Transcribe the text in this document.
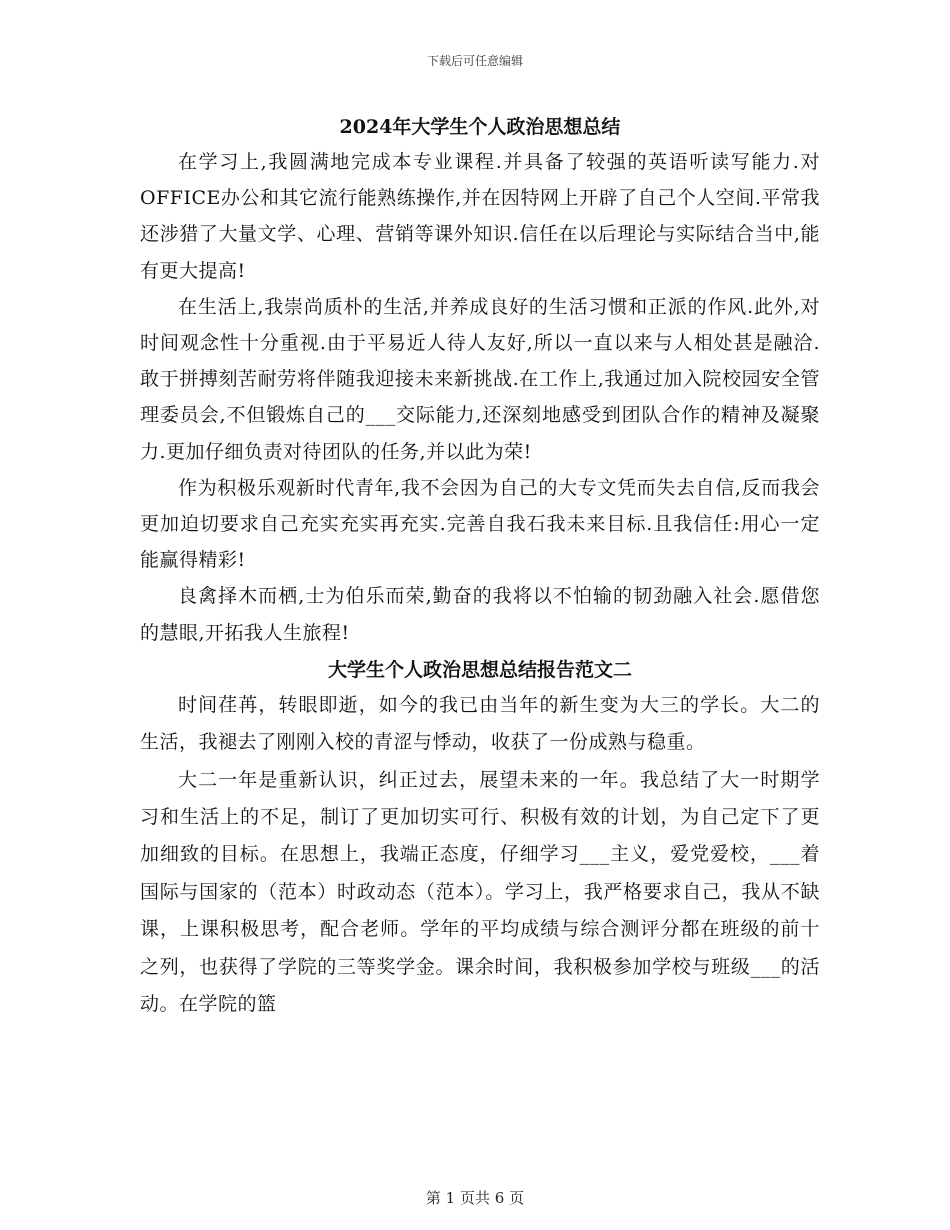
下载后可任意编辑
2024年大学生个人政治思想总结

在学习上,我圆满地完成本专业课程.并具备了较强的英语听读写能力.对OFFICE办公和其它流行能熟练操作,并在因特网上开辟了自己个人空间.平常我还涉猎了大量文学、心理、营销等课外知识.信任在以后理论与实际结合当中,能有更大提高!

在生活上,我崇尚质朴的生活,并养成良好的生活习惯和正派的作风.此外,对时间观念性十分重视.由于平易近人待人友好,所以一直以来与人相处甚是融洽.敢于拼搏刻苦耐劳将伴随我迎接未来新挑战.在工作上,我通过加入院校园安全管理委员会,不但锻炼自己的___交际能力,还深刻地感受到团队合作的精神及凝聚力.更加仔细负责对待团队的任务,并以此为荣!

作为积极乐观新时代青年,我不会因为自己的大专文凭而失去自信,反而我会更加迫切要求自己充实充实再充实.完善自我石我未来目标.且我信任:用心一定能赢得精彩!

良禽择木而栖,士为伯乐而荣,勤奋的我将以不怕输的韧劲融入社会.愿借您的慧眼,开拓我人生旅程!

大学生个人政治思想总结报告范文二

时间荏苒，转眼即逝，如今的我已由当年的新生变为大三的学长。大二的生活，我褪去了刚刚入校的青涩与悸动，收获了一份成熟与稳重。

大二一年是重新认识，纠正过去，展望未来的一年。我总结了大一时期学习和生活上的不足，制订了更加切实可行、积极有效的计划，为自己定下了更加细致的目标。在思想上，我端正态度，仔细学习___主义，爱党爱校，___着国际与国家的（范本）时政动态（范本）。学习上，我严格要求自己，我从不缺课，上课积极思考，配合老师。学年的平均成绩与综合测评分都在班级的前十之列，也获得了学院的三等奖学金。课余时间，我积极参加学校与班级___的活动。在学院的篮

第 1 页共 6 页
